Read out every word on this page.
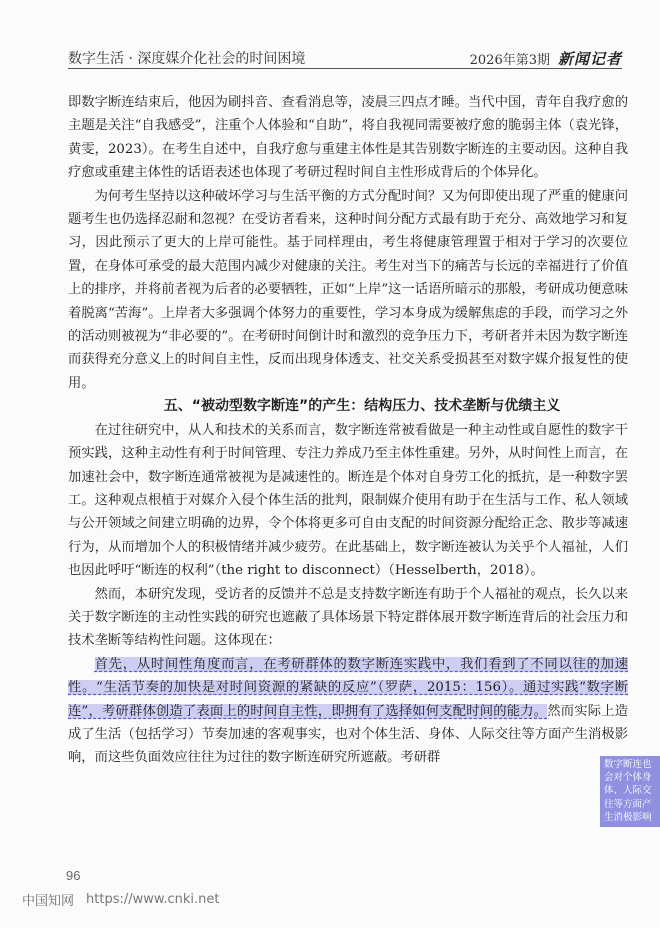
数字生活 · 深度媒介化社会的时间困境	2026年第3期 新闻记者

即数字断连结束后，他因为刷抖音、查看消息等，凌晨三四点才睡。当代中国，青年自我疗愈的主题是关注“自我感受”，注重个人体验和“自助”，将自我视同需要被疗愈的脆弱主体（袁光锋，黄雯，2023）。在考生自述中，自我疗愈与重建主体性是其告别数字断连的主要动因。这种自我疗愈或重建主体性的话语表述也体现了考研过程时间自主性形成背后的个体异化。

为何考生坚持以这种破坏学习与生活平衡的方式分配时间？又为何即使出现了严重的健康问题考生也仍选择忍耐和忽视？在受访者看来，这种时间分配方式最有助于充分、高效地学习和复习，因此预示了更大的上岸可能性。基于同样理由，考生将健康管理置于相对于学习的次要位置，在身体可承受的最大范围内减少对健康的关注。考生对当下的痛苦与长远的幸福进行了价值上的排序，并将前者视为后者的必要牺牲，正如“上岸”这一话语所暗示的那般，考研成功便意味着脱离“苦海”。上岸者大多强调个体努力的重要性，学习本身成为缓解焦虑的手段，而学习之外的活动则被视为“非必要的”。在考研时间倒计时和激烈的竞争压力下，考研者并未因为数字断连而获得充分意义上的时间自主性，反而出现身体透支、社交关系受损甚至对数字媒介报复性的使用。

五、“被动型数字断连”的产生：结构压力、技术垄断与优绩主义

在过往研究中，从人和技术的关系而言，数字断连常被看做是一种主动性或自愿性的数字干预实践，这种主动性有利于时间管理、专注力养成乃至主体性重建。另外，从时间性上而言，在加速社会中，数字断连通常被视为是减速性的。断连是个体对自身劳工化的抵抗，是一种数字罢工。这种观点根植于对媒介入侵个体生活的批判，限制媒介使用有助于在生活与工作、私人领域与公开领域之间建立明确的边界，令个体将更多可自由支配的时间资源分配给正念、散步等减速行为，从而增加个人的积极情绪并减少疲劳。在此基础上，数字断连被认为关乎个人福祉，人们也因此呼吁“断连的权利”（the right to disconnect）（Hesselberth，2018）。

然而，本研究发现，受访者的反馈并不总是支持数字断连有助于个人福祉的观点，长久以来关于数字断连的主动性实践的研究也遮蔽了具体场景下特定群体展开数字断连背后的社会压力和技术垄断等结构性问题。这体现在：

首先，从时间性角度而言，在考研群体的数字断连实践中，我们看到了不同以往的加速性。“生活节奏的加快是对时间资源的紧缺的反应”（罗萨，2015：156）。通过实践“数字断连”，考研群体创造了表面上的时间自主性，即拥有了选择如何支配时间的能力。然而实际上造成了生活（包括学习）节奏加速的客观事实，也对个体生活、身体、人际交往等方面产生消极影响，而这些负面效应往往为过往的数字断连研究所遮蔽。考研群	数字断连也会对个体身体、人际交往等方面产生消极影响
96
中国知网 https://www.cnki.net
